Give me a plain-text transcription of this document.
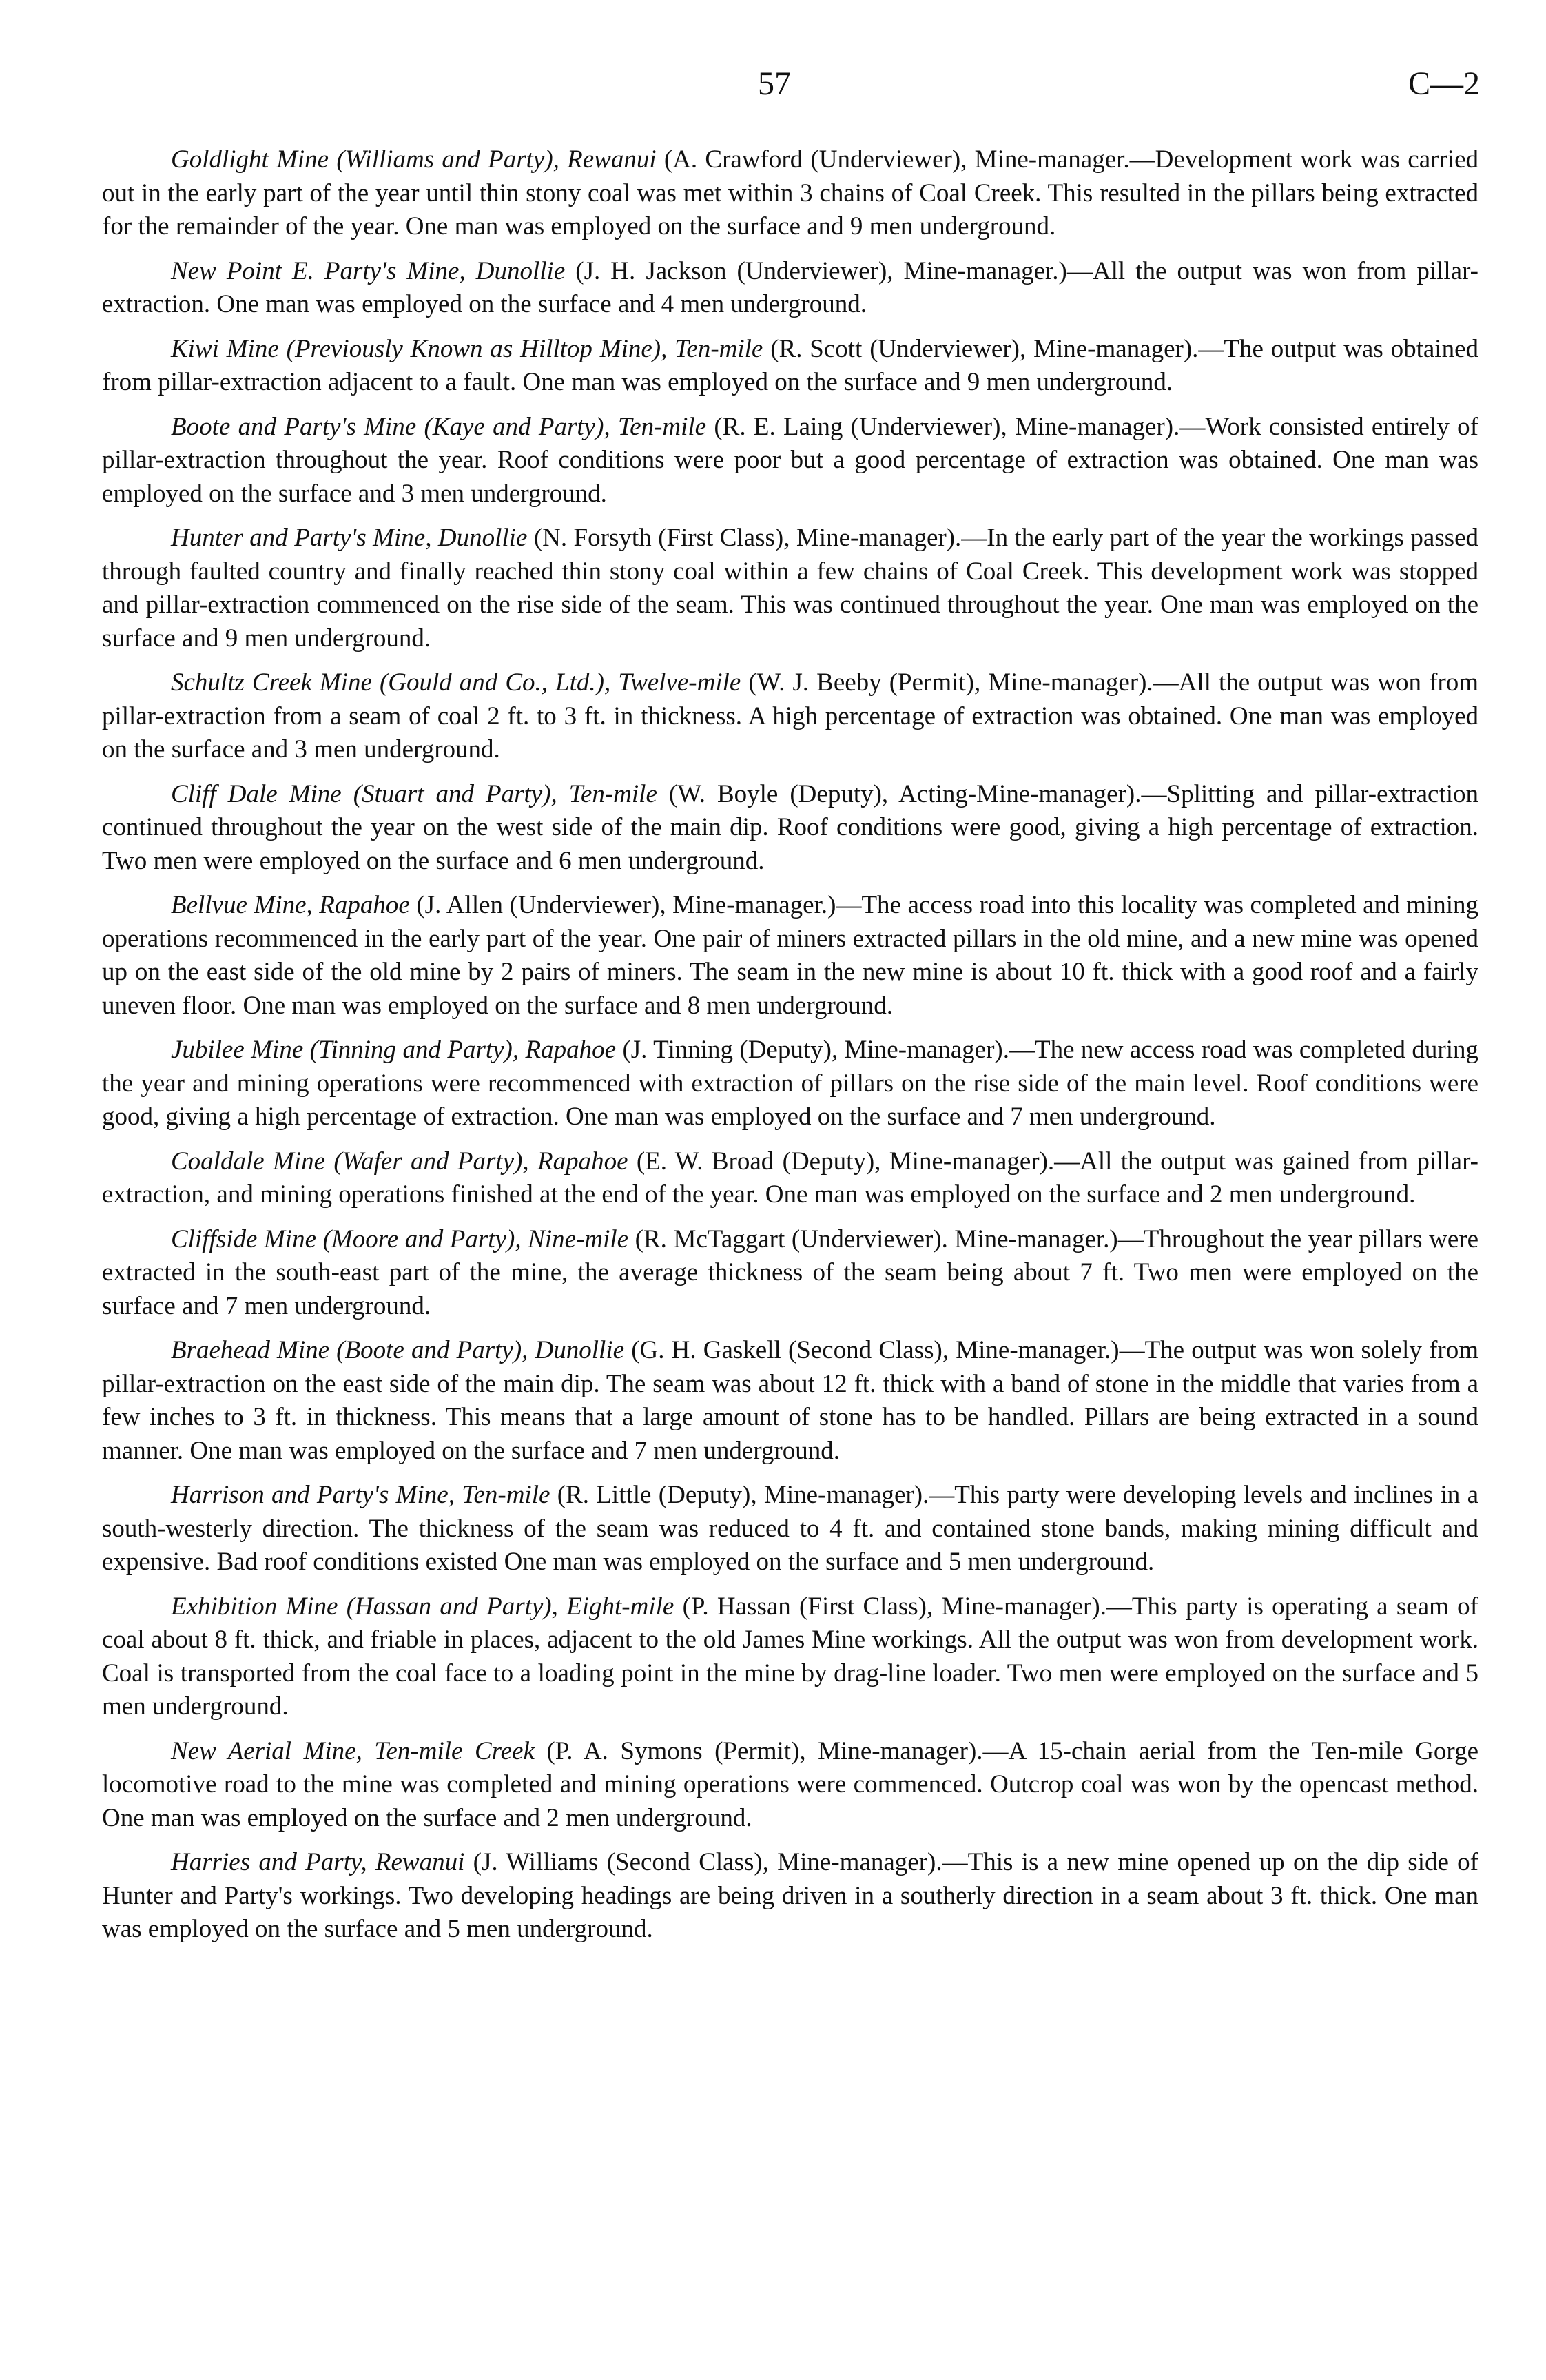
57	C—2

Goldlight Mine (Williams and Party), Rewanui (A. Crawford (Underviewer), Mine-manager.—Development work was carried out in the early part of the year until thin stony coal was met within 3 chains of Coal Creek. This resulted in the pillars being extracted for the remainder of the year. One man was employed on the surface and 9 men underground.

New Point E. Party's Mine, Dunollie (J. H. Jackson (Underviewer), Mine-manager.)—All the output was won from pillar-extraction. One man was employed on the surface and 4 men underground.

Kiwi Mine (Previously Known as Hilltop Mine), Ten-mile (R. Scott (Underviewer), Mine-manager).—The output was obtained from pillar-extraction adjacent to a fault. One man was employed on the surface and 9 men underground.

Boote and Party's Mine (Kaye and Party), Ten-mile (R. E. Laing (Underviewer), Mine-manager).—Work consisted entirely of pillar-extraction throughout the year. Roof conditions were poor but a good percentage of extraction was obtained. One man was employed on the surface and 3 men underground.

Hunter and Party's Mine, Dunollie (N. Forsyth (First Class), Mine-manager).—In the early part of the year the workings passed through faulted country and finally reached thin stony coal within a few chains of Coal Creek. This development work was stopped and pillar-extraction commenced on the rise side of the seam. This was continued throughout the year. One man was employed on the surface and 9 men underground.

Schultz Creek Mine (Gould and Co., Ltd.), Twelve-mile (W. J. Beeby (Permit), Mine-manager).—All the output was won from pillar-extraction from a seam of coal 2 ft. to 3 ft. in thickness. A high percentage of extraction was obtained. One man was employed on the surface and 3 men underground.

Cliff Dale Mine (Stuart and Party), Ten-mile (W. Boyle (Deputy), Acting-Mine-manager).—Splitting and pillar-extraction continued throughout the year on the west side of the main dip. Roof conditions were good, giving a high percentage of extraction. Two men were employed on the surface and 6 men underground.

Bellvue Mine, Rapahoe (J. Allen (Underviewer), Mine-manager.)—The access road into this locality was completed and mining operations recommenced in the early part of the year. One pair of miners extracted pillars in the old mine, and a new mine was opened up on the east side of the old mine by 2 pairs of miners. The seam in the new mine is about 10 ft. thick with a good roof and a fairly uneven floor. One man was employed on the surface and 8 men underground.

Jubilee Mine (Tinning and Party), Rapahoe (J. Tinning (Deputy), Mine-manager).—The new access road was completed during the year and mining operations were recommenced with extraction of pillars on the rise side of the main level. Roof conditions were good, giving a high percentage of extraction. One man was employed on the surface and 7 men underground.

Coaldale Mine (Wafer and Party), Rapahoe (E. W. Broad (Deputy), Mine-manager).—All the output was gained from pillar-extraction, and mining operations finished at the end of the year. One man was employed on the surface and 2 men underground.

Cliffside Mine (Moore and Party), Nine-mile (R. McTaggart (Underviewer). Mine-manager.)—Throughout the year pillars were extracted in the south-east part of the mine, the average thickness of the seam being about 7 ft. Two men were employed on the surface and 7 men underground.

Braehead Mine (Boote and Party), Dunollie (G. H. Gaskell (Second Class), Mine-manager.)—The output was won solely from pillar-extraction on the east side of the main dip. The seam was about 12 ft. thick with a band of stone in the middle that varies from a few inches to 3 ft. in thickness. This means that a large amount of stone has to be handled. Pillars are being extracted in a sound manner. One man was employed on the surface and 7 men underground.

Harrison and Party's Mine, Ten-mile (R. Little (Deputy), Mine-manager).—This party were developing levels and inclines in a south-westerly direction. The thickness of the seam was reduced to 4 ft. and contained stone bands, making mining difficult and expensive. Bad roof conditions existed One man was employed on the surface and 5 men underground.

Exhibition Mine (Hassan and Party), Eight-mile (P. Hassan (First Class), Mine-manager).—This party is operating a seam of coal about 8 ft. thick, and friable in places, adjacent to the old James Mine workings. All the output was won from development work. Coal is transported from the coal face to a loading point in the mine by drag-line loader. Two men were employed on the surface and 5 men underground.

New Aerial Mine, Ten-mile Creek (P. A. Symons (Permit), Mine-manager).—A 15-chain aerial from the Ten-mile Gorge locomotive road to the mine was completed and mining operations were commenced. Outcrop coal was won by the opencast method. One man was employed on the surface and 2 men underground.

Harries and Party, Rewanui (J. Williams (Second Class), Mine-manager).—This is a new mine opened up on the dip side of Hunter and Party's workings. Two developing headings are being driven in a southerly direction in a seam about 3 ft. thick. One man was employed on the surface and 5 men underground.
